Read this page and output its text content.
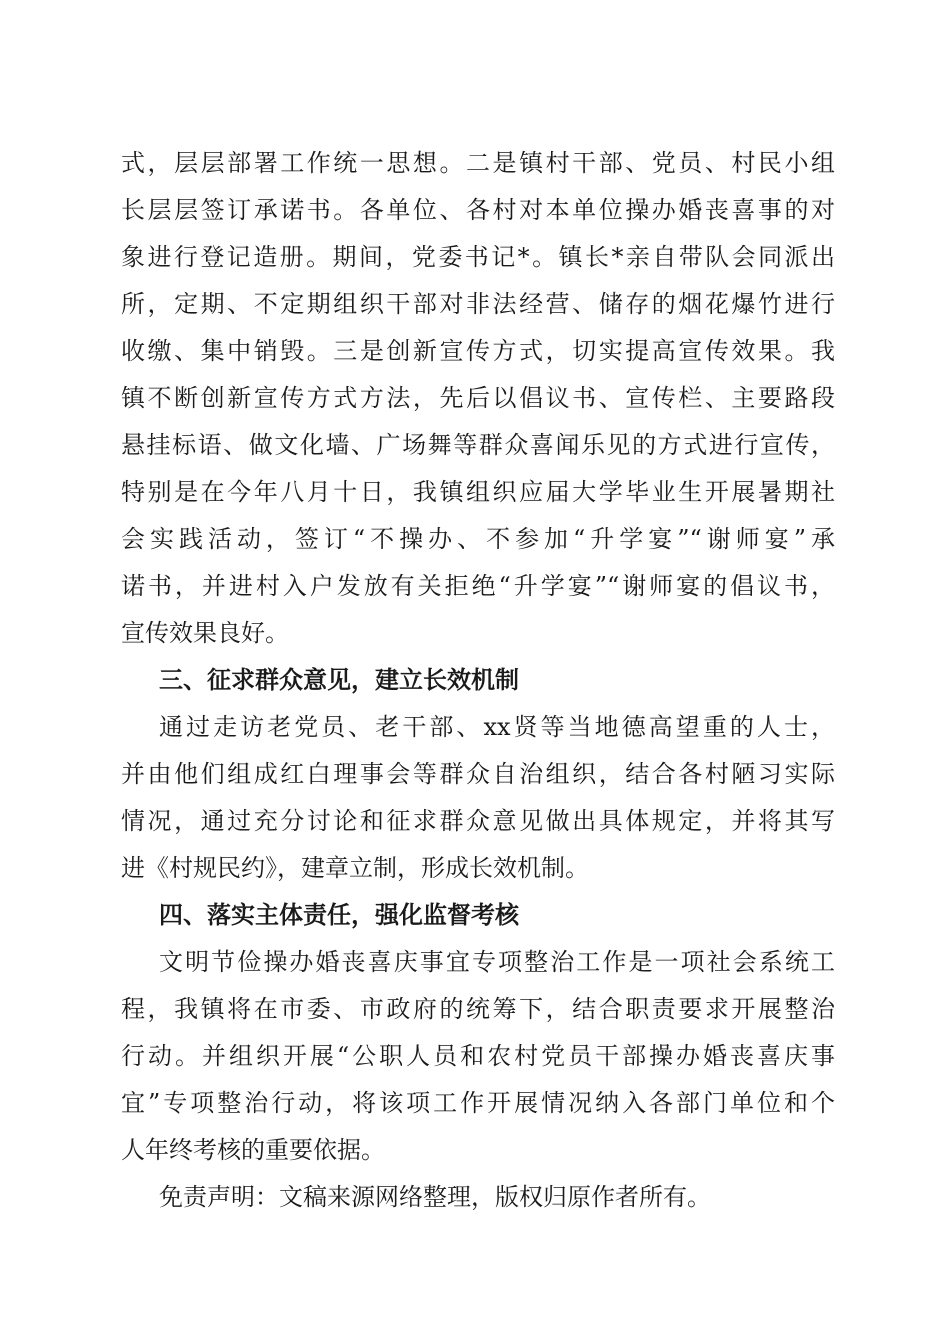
式，层层部署工作统一思想。二是镇村干部、党员、村民小组
长层层签订承诺书。各单位、各村对本单位操办婚丧喜事的对
象进行登记造册。期间，党委书记*。镇长*亲自带队会同派出
所，定期、不定期组织干部对非法经营、储存的烟花爆竹进行
收缴、集中销毁。三是创新宣传方式，切实提高宣传效果。我
镇不断创新宣传方式方法，先后以倡议书、宣传栏、主要路段
悬挂标语、做文化墙、广场舞等群众喜闻乐见的方式进行宣传，
特别是在今年八月十日，我镇组织应届大学毕业生开展暑期社
会实践活动，签订“不操办、不参加“升学宴”“谢师宴”承
诺书，并进村入户发放有关拒绝“升学宴”“谢师宴的倡议书，
宣传效果良好。
三、征求群众意见，建立长效机制
通过走访老党员、老干部、xx贤等当地德高望重的人士，
并由他们组成红白理事会等群众自治组织，结合各村陋习实际
情况，通过充分讨论和征求群众意见做出具体规定，并将其写
进《村规民约》，建章立制，形成长效机制。
四、落实主体责任，强化监督考核
文明节俭操办婚丧喜庆事宜专项整治工作是一项社会系统工
程，我镇将在市委、市政府的统筹下，结合职责要求开展整治
行动。并组织开展“公职人员和农村党员干部操办婚丧喜庆事
宜”专项整治行动，将该项工作开展情况纳入各部门单位和个
人年终考核的重要依据。
免责声明：文稿来源网络整理，版权归原作者所有。
